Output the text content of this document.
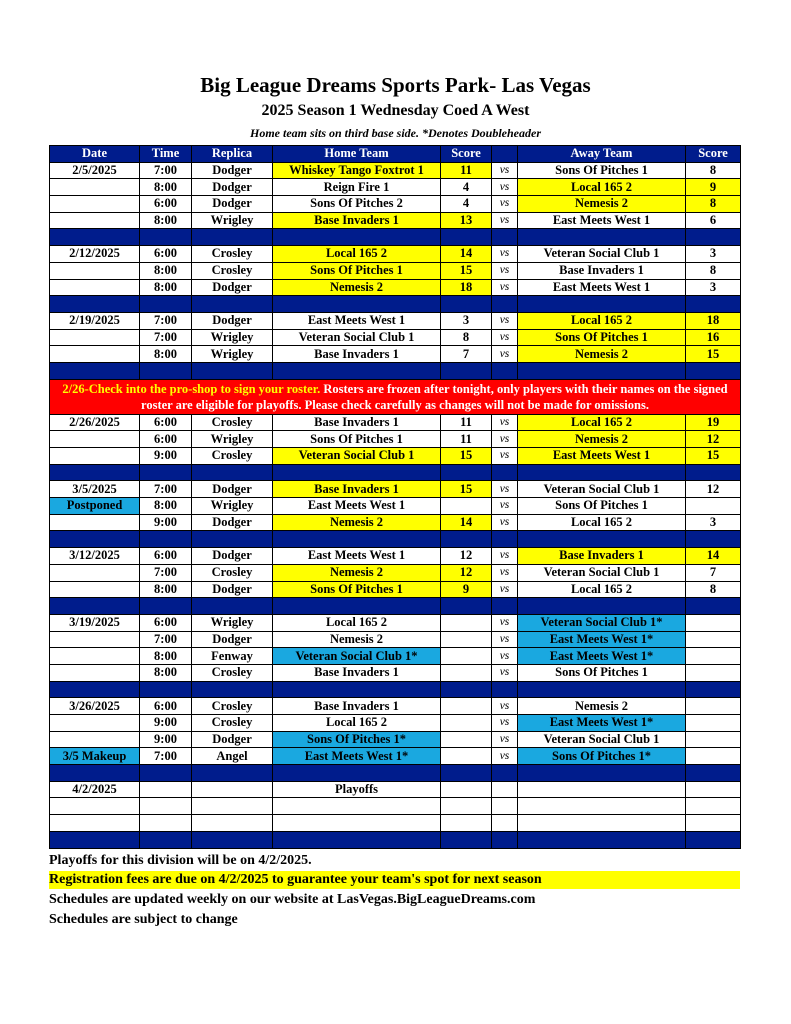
Big League Dreams Sports Park- Las Vegas
2025 Season 1 Wednesday Coed A West
Home team sits on third base side. *Denotes Doubleheader
Date	Time	Replica	Home Team	Score		Away Team	Score
2/5/2025	7:00	Dodger	Whiskey Tango Foxtrot 1	11	vs	Sons Of Pitches 1	8
	8:00	Dodger	Reign Fire 1	4	vs	Local 165 2	9
	6:00	Dodger	Sons Of Pitches 2	4	vs	Nemesis 2	8
	8:00	Wrigley	Base Invaders 1	13	vs	East Meets West 1	6

2/12/2025	6:00	Crosley	Local 165 2	14	vs	Veteran Social Club 1	3
	8:00	Crosley	Sons Of Pitches 1	15	vs	Base Invaders 1	8
	8:00	Dodger	Nemesis 2	18	vs	East Meets West 1	3

2/19/2025	7:00	Dodger	East Meets West 1	3	vs	Local 165 2	18
	7:00	Wrigley	Veteran Social Club 1	8	vs	Sons Of Pitches 1	16
	8:00	Wrigley	Base Invaders 1	7	vs	Nemesis 2	15

2/26-Check into the pro-shop to sign your roster. Rosters are frozen after tonight, only players with their names on the signed roster are eligible for playoffs. Please check carefully as changes will not be made for omissions.							
2/26/2025	6:00	Crosley	Base Invaders 1	11	vs	Local 165 2	19
	6:00	Wrigley	Sons Of Pitches 1	11	vs	Nemesis 2	12
	9:00	Crosley	Veteran Social Club 1	15	vs	East Meets West 1	15

3/5/2025	7:00	Dodger	Base Invaders 1	15	vs	Veteran Social Club 1	12
Postponed	8:00	Wrigley	East Meets West 1		vs	Sons Of Pitches 1	
	9:00	Dodger	Nemesis 2	14	vs	Local 165 2	3

3/12/2025	6:00	Dodger	East Meets West 1	12	vs	Base Invaders 1	14
	7:00	Crosley	Nemesis 2	12	vs	Veteran Social Club 1	7
	8:00	Dodger	Sons Of Pitches 1	9	vs	Local 165 2	8

3/19/2025	6:00	Wrigley	Local 165 2		vs	Veteran Social Club 1*	
	7:00	Dodger	Nemesis 2		vs	East Meets West 1*	
	8:00	Fenway	Veteran Social Club 1*		vs	East Meets West 1*	
	8:00	Crosley	Base Invaders 1		vs	Sons Of Pitches 1	

3/26/2025	6:00	Crosley	Base Invaders 1		vs	Nemesis 2	
	9:00	Crosley	Local 165 2		vs	East Meets West 1*	
	9:00	Dodger	Sons Of Pitches 1*		vs	Veteran Social Club 1	
3/5 Makeup	7:00	Angel	East Meets West 1*		vs	Sons Of Pitches 1*	

4/2/2025			Playoffs				

Playoffs for this division will be on 4/2/2025.
Registration fees are due on 4/2/2025 to guarantee your team's spot for next season
Schedules are updated weekly on our website at LasVegas.BigLeagueDreams.com
Schedules are subject to change
